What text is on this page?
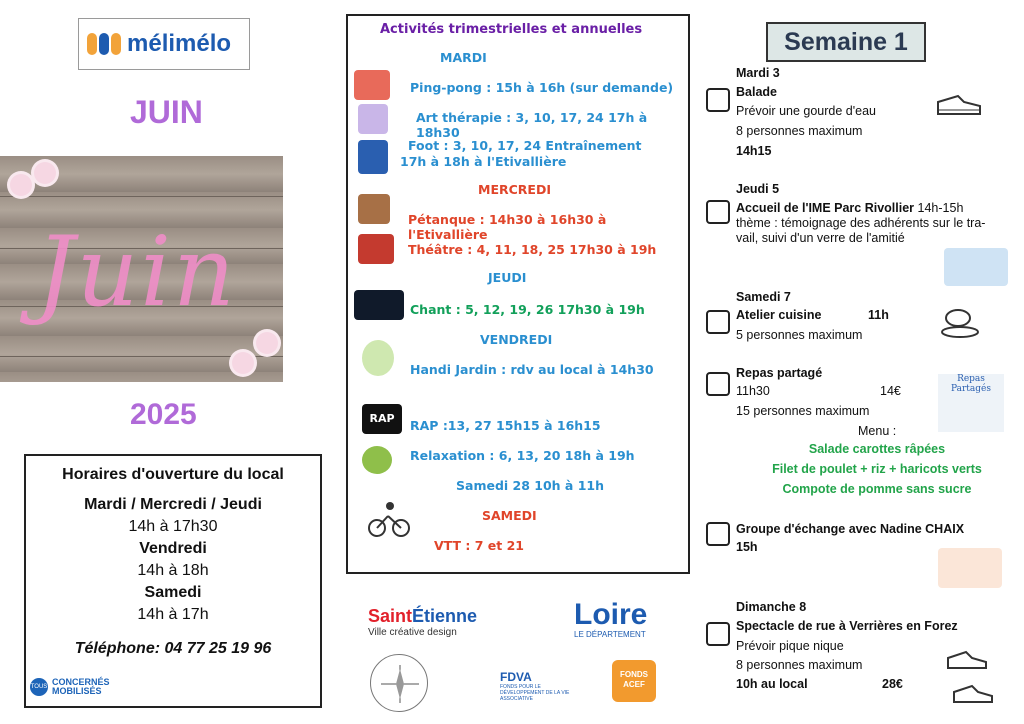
mélimélo
JUIN
Juin
2025
Horaires d'ouverture du local
Mardi / Mercredi / Jeudi
14h à 17h30
Vendredi
14h à 18h
Samedi
14h à 17h
Téléphone: 04 77 25 19 96
TOUS CONCERNÉS
MOBILISÉS
Activités trimestrielles et annuelles
MARDI
Ping-pong : 15h à 16h (sur demande)
Art thérapie : 3, 10, 17, 24 17h à 18h30
Foot : 3, 10, 17, 24 Entraînement
17h à 18h à l'Etivallière
MERCREDI
Pétanque : 14h30 à 16h30 à l'Etivallière
Théâtre : 4, 11, 18, 25 17h30 à 19h
JEUDI
Chant : 5, 12, 19, 26 17h30 à 19h
VENDREDI
Handi Jardin : rdv au local à 14h30
RAP	RAP :13, 27 15h15 à 16h15
Relaxation : 6, 13, 20 18h à 19h
Samedi 28 10h à 11h
SAMEDI
VTT : 7 et 21
SaintÉtienne
Ville créative design
Loire
LE DÉPARTEMENT
FDVA
FONDS POUR LE DÉVELOPPEMENT DE LA VIE ASSOCIATIVE
FONDS ACEF
Semaine 1
Mardi 3
Balade
Prévoir une gourde d'eau
8 personnes maximum
14h15
Jeudi 5
Accueil de l'IME Parc Rivollier 14h-15h
thème : témoignage des adhérents sur le tra-
vail, suivi d'un verre de l'amitié
Samedi 7
Atelier cuisine	11h
5 personnes maximum
Repas partagé
11h30	14€
15 personnes maximum
Menu :
Salade carottes râpées
Filet de poulet + riz + haricots verts
Compote de pomme sans sucre
Repas Partagés
Groupe d'échange avec Nadine CHAIX
15h
Dimanche 8
Spectacle de rue à Verrières en Forez
Prévoir pique nique
8 personnes maximum
10h au local	28€
